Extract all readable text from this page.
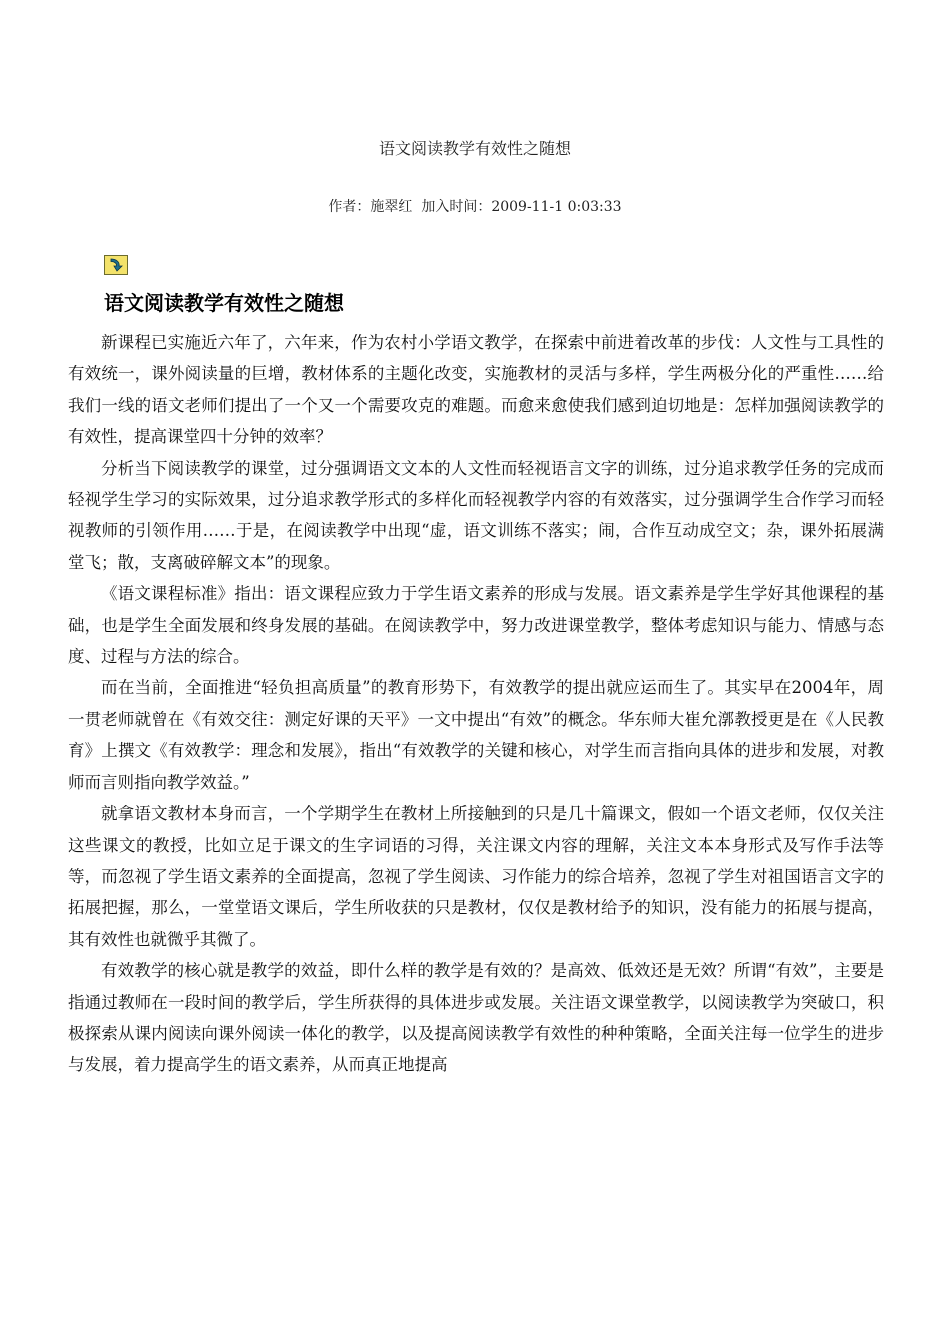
语文阅读教学有效性之随想
作者：施翠红  加入时间：2009-11-1 0:03:33
语文阅读教学有效性之随想

新课程已实施近六年了，六年来，作为农村小学语文教学，在探索中前进着改革的步伐：人文性与工具性的有效统一，课外阅读量的巨增，教材体系的主题化改变，实施教材的灵活与多样，学生两极分化的严重性……给我们一线的语文老师们提出了一个又一个需要攻克的难题。而愈来愈使我们感到迫切地是：怎样加强阅读教学的有效性，提高课堂四十分钟的效率？

分析当下阅读教学的课堂，过分强调语文文本的人文性而轻视语言文字的训练，过分追求教学任务的完成而轻视学生学习的实际效果，过分追求教学形式的多样化而轻视教学内容的有效落实，过分强调学生合作学习而轻视教师的引领作用……于是，在阅读教学中出现“虚，语文训练不落实；闹，合作互动成空文；杂，课外拓展满堂飞；散，支离破碎解文本”的现象。

《语文课程标准》指出：语文课程应致力于学生语文素养的形成与发展。语文素养是学生学好其他课程的基础，也是学生全面发展和终身发展的基础。在阅读教学中，努力改进课堂教学，整体考虑知识与能力、情感与态度、过程与方法的综合。

而在当前，全面推进“轻负担高质量”的教育形势下，有效教学的提出就应运而生了。其实早在2004年，周一贯老师就曾在《有效交往：测定好课的天平》一文中提出“有效”的概念。华东师大崔允漷教授更是在《人民教育》上撰文《有效教学：理念和发展》，指出“有效教学的关键和核心，对学生而言指向具体的进步和发展，对教师而言则指向教学效益。”

就拿语文教材本身而言，一个学期学生在教材上所接触到的只是几十篇课文，假如一个语文老师，仅仅关注这些课文的教授，比如立足于课文的生字词语的习得，关注课文内容的理解，关注文本本身形式及写作手法等等，而忽视了学生语文素养的全面提高，忽视了学生阅读、习作能力的综合培养，忽视了学生对祖国语言文字的拓展把握，那么，一堂堂语文课后，学生所收获的只是教材，仅仅是教材给予的知识，没有能力的拓展与提高，其有效性也就微乎其微了。

有效教学的核心就是教学的效益，即什么样的教学是有效的？是高效、低效还是无效？所谓“有效”，主要是指通过教师在一段时间的教学后，学生所获得的具体进步或发展。关注语文课堂教学，以阅读教学为突破口，积极探索从课内阅读向课外阅读一体化的教学，以及提高阅读教学有效性的种种策略，全面关注每一位学生的进步与发展，着力提高学生的语文素养，从而真正地提高
